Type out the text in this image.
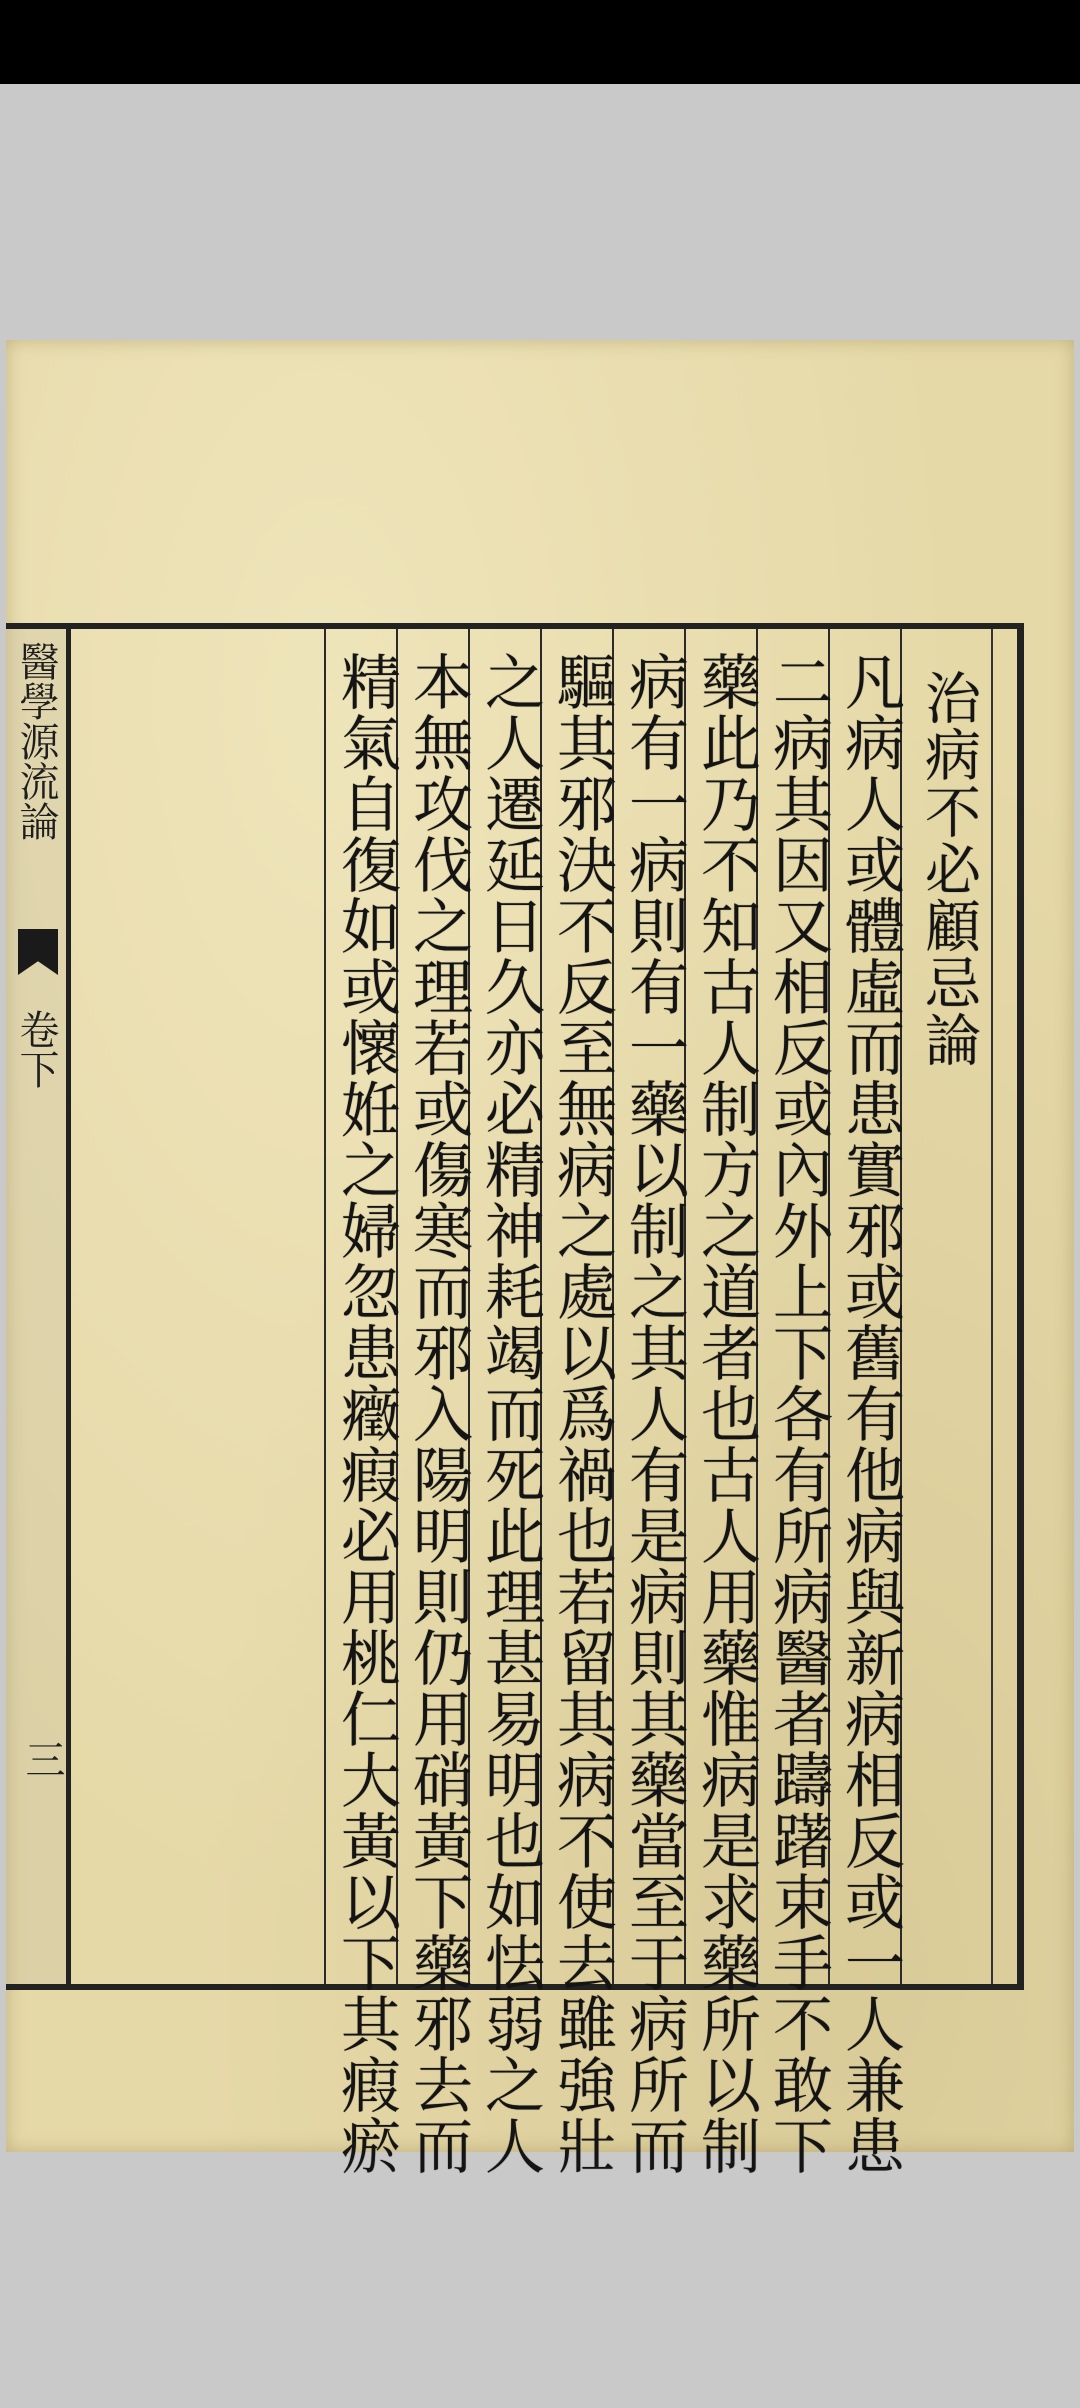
治病不必顧忌論
凡病人或體虛而患實邪或舊有他病與新病相反或一人兼患
二病其因又相反或內外上下各有所病醫者躊躇束手不敢下
藥此乃不知古人制方之道者也古人用藥惟病是求藥所以制
病有一病則有一藥以制之其人有是病則其藥當至于病所而
驅其邪決不反至無病之處以爲禍也若留其病不使去雖強壯
之人遷延日久亦必精神耗竭而死此理甚易明也如怯弱之人
本無攻伐之理若或傷寒而邪入陽明則仍用硝黃下藥邪去而
精氣自復如或懷姙之婦忽患癥瘕必用桃仁大黃以下其瘕瘀
醫學源流論
卷下
三
